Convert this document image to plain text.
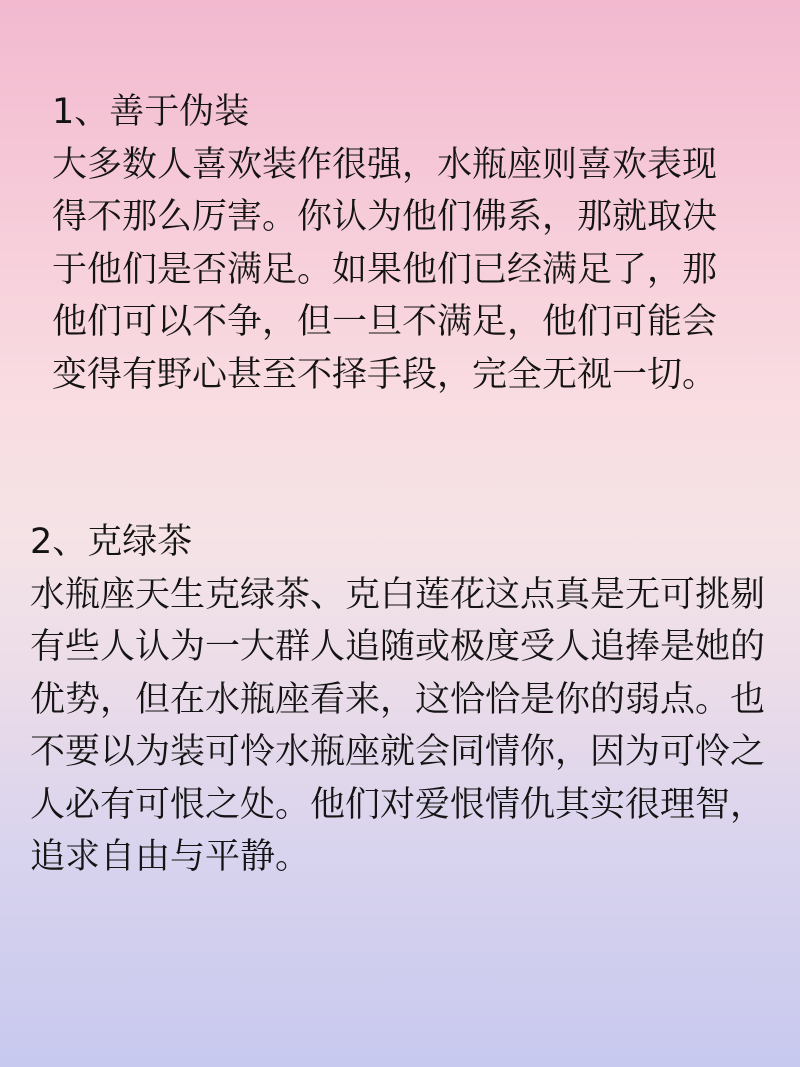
1、善于伪装
大多数人喜欢装作很强，水瓶座则喜欢表现
得不那么厉害。你认为他们佛系，那就取决
于他们是否满足。如果他们已经满足了，那
他们可以不争，但一旦不满足，他们可能会
变得有野心甚至不择手段，完全无视一切。
2、克绿茶
水瓶座天生克绿茶、克白莲花这点真是无可挑剔
有些人认为一大群人追随或极度受人追捧是她的
优势，但在水瓶座看来，这恰恰是你的弱点。也
不要以为装可怜水瓶座就会同情你，因为可怜之
人必有可恨之处。他们对爱恨情仇其实很理智，
追求自由与平静。
